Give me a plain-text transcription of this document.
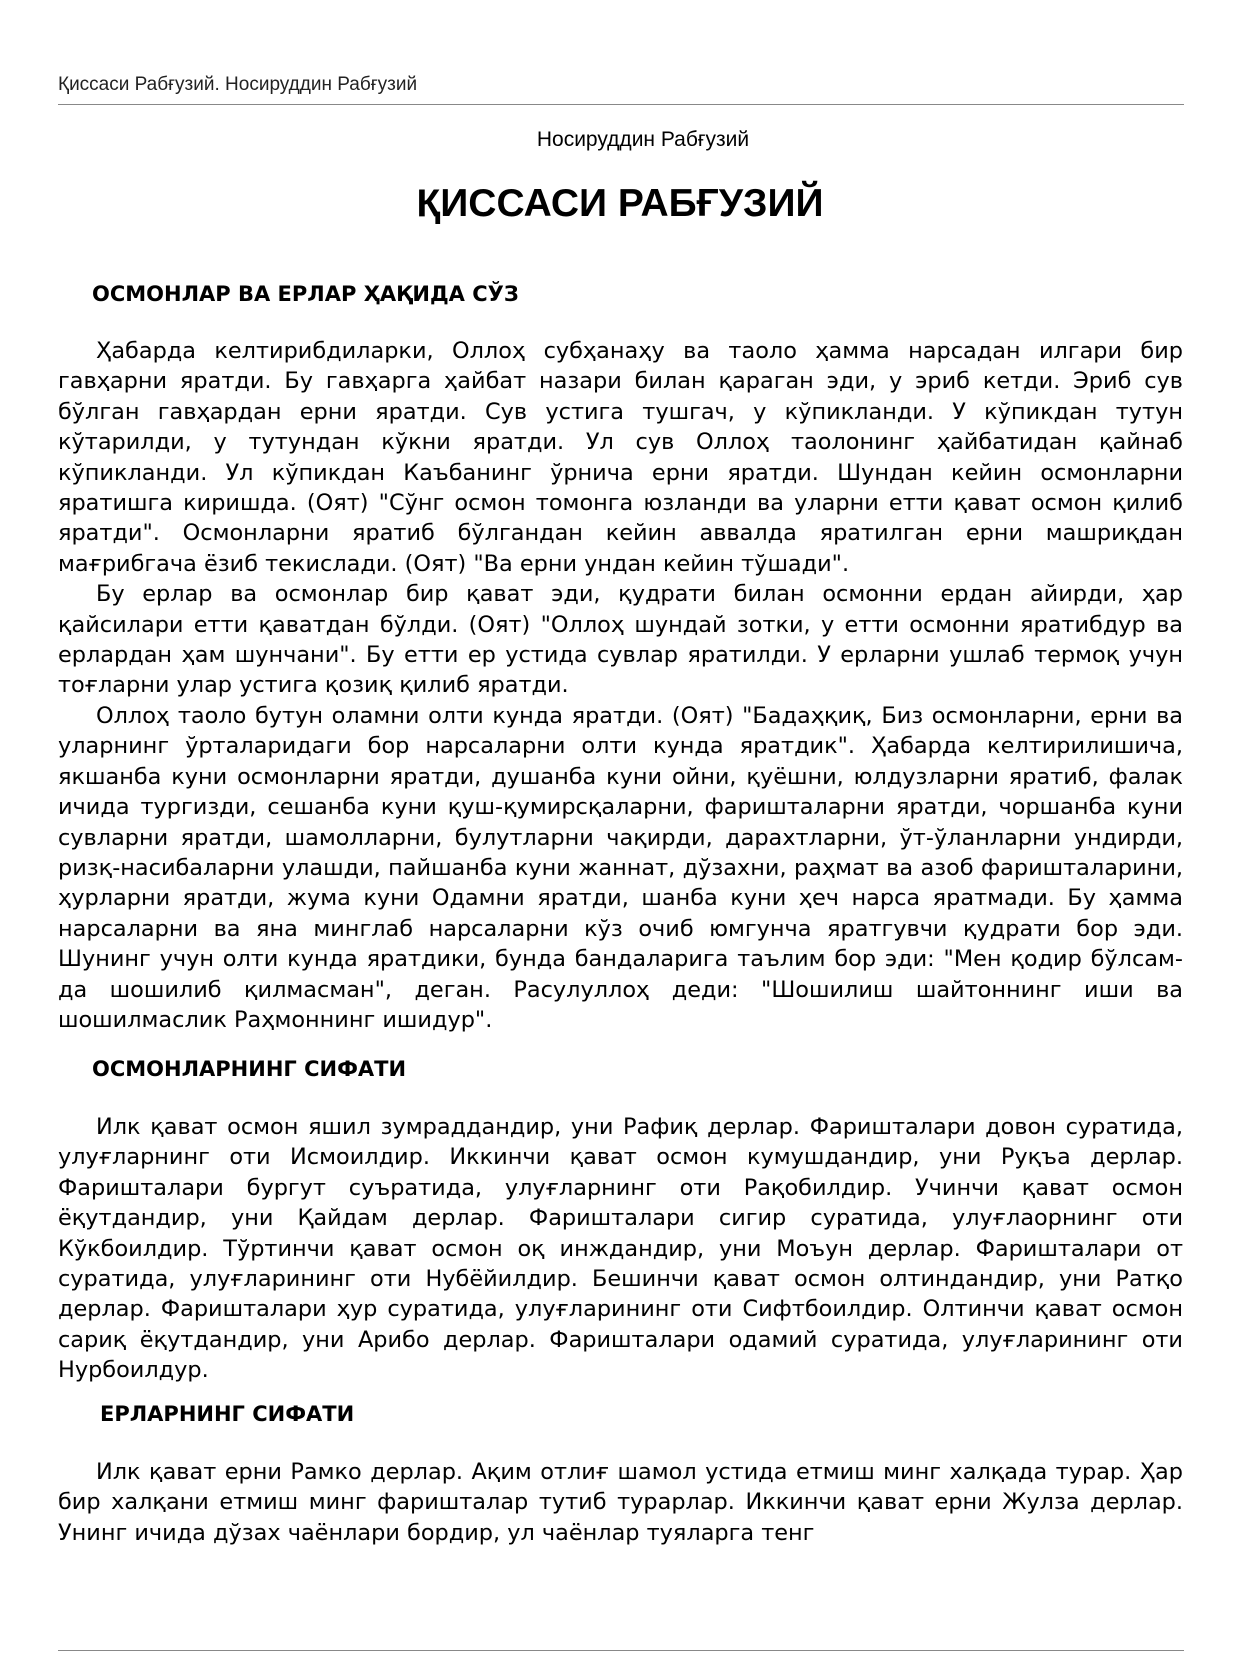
Қиссаси Рабғузий. Носируддин Рабғузий
Носируддин Рабғузий
ҚИССАСИ РАБҒУЗИЙ
ОСМОНЛАР ВА ЕРЛАР ҲАҚИДА СЎЗ

Ҳабарда келтирибдиларки, Оллоҳ субҳанаҳу ва таоло ҳамма нарсадан илгари бир гавҳарни яратди. Бу гавҳарга ҳайбат назари билан қараган эди, у эриб кетди. Эриб сув бўлган гавҳардан ерни яратди. Сув устига тушгач, у кўпикланди. У кўпикдан тутун кўтарилди, у тутундан кўкни яратди. Ул сув Оллоҳ таолонинг ҳайбатидан қайнаб кўпикланди. Ул кўпикдан Каъбанинг ўрнича ерни яратди. Шундан кейин осмонларни яратишга киришда. (Оят) "Сўнг осмон томонга юзланди ва уларни етти қават осмон қилиб яратди". Осмонларни яратиб бўлгандан кейин аввалда яратилган ерни машриқдан мағрибгача ёзиб текислади. (Оят) "Ва ерни ундан кейин тўшади".

Бу ерлар ва осмонлар бир қават эди, қудрати билан осмонни ердан айирди, ҳар қайсилари етти қаватдан бўлди. (Оят) "Оллоҳ шундай зотки, у етти осмонни яратибдур ва ерлардан ҳам шунчани". Бу етти ер устида сувлар яратилди. У ерларни ушлаб термоқ учун тоғларни улар устига қозиқ қилиб яратди.

Оллоҳ таоло бутун оламни олти кунда яратди. (Оят) "Бадаҳқиқ, Биз осмонларни, ерни ва уларнинг ўрталаридаги бор нарсаларни олти кунда яратдик". Ҳабарда келтирилишича, якшанба куни осмонларни яратди, душанба куни ойни, қуёшни, юлдузларни яратиб, фалак ичида тургизди, сешанба куни қуш-қумирсқаларни, фаришталарни яратди, чоршанба куни сувларни яратди, шамолларни, булутларни чақирди, дарахтларни, ўт-ўланларни ундирди, ризқ-насибаларни улашди, пайшанба куни жаннат, дўзахни, раҳмат ва азоб фаришталарини, ҳурларни яратди, жума куни Одамни яратди, шанба куни ҳеч нарса яратмади. Бу ҳамма нарсаларни ва яна минглаб нарсаларни кўз очиб юмгунча яратгувчи қудрати бор эди. Шунинг учун олти кунда яратдики, бунда бандаларига таълим бор эди: "Мен қодир бўлсам-да шошилиб қилмасман", деган. Расулуллоҳ деди: "Шошилиш шайтоннинг иши ва шошилмаслик Раҳмоннинг ишидур".

ОСМОНЛАРНИНГ СИФАТИ

Илк қават осмон яшил зумраддандир, уни Рафиқ дерлар. Фаришталари довон суратида, улуғларнинг оти Исмоилдир. Иккинчи қават осмон кумушдандир, уни Руқъа дерлар. Фаришталари бургут суъратида, улуғларнинг оти Рақобилдир. Учинчи қават осмон ёқутдандир, уни Қайдам дерлар. Фаришталари сигир суратида, улуғлаорнинг оти Кўкбоилдир. Тўртинчи қават осмон оқ инждандир, уни Моъун дерлар. Фаришталари от суратида, улуғларининг оти Нубёйилдир. Бешинчи қават осмон олтиндандир, уни Ратқо дерлар. Фаришталари ҳур суратида, улуғларининг оти Сифтбоилдир. Олтинчи қават осмон сариқ ёқутдандир, уни Арибо дерлар. Фаришталари одамий суратида, улуғларининг оти Нурбоилдур.

ЕРЛАРНИНГ СИФАТИ

Илк қават ерни Рамко дерлар. Ақим отлиғ шамол устида етмиш минг халқада турар. Ҳар бир халқани етмиш минг фаришталар тутиб турарлар. Иккинчи қават ерни Жулза дерлар. Унинг ичида дўзах чаёнлари бордир, ул чаёнлар туяларга тенг
